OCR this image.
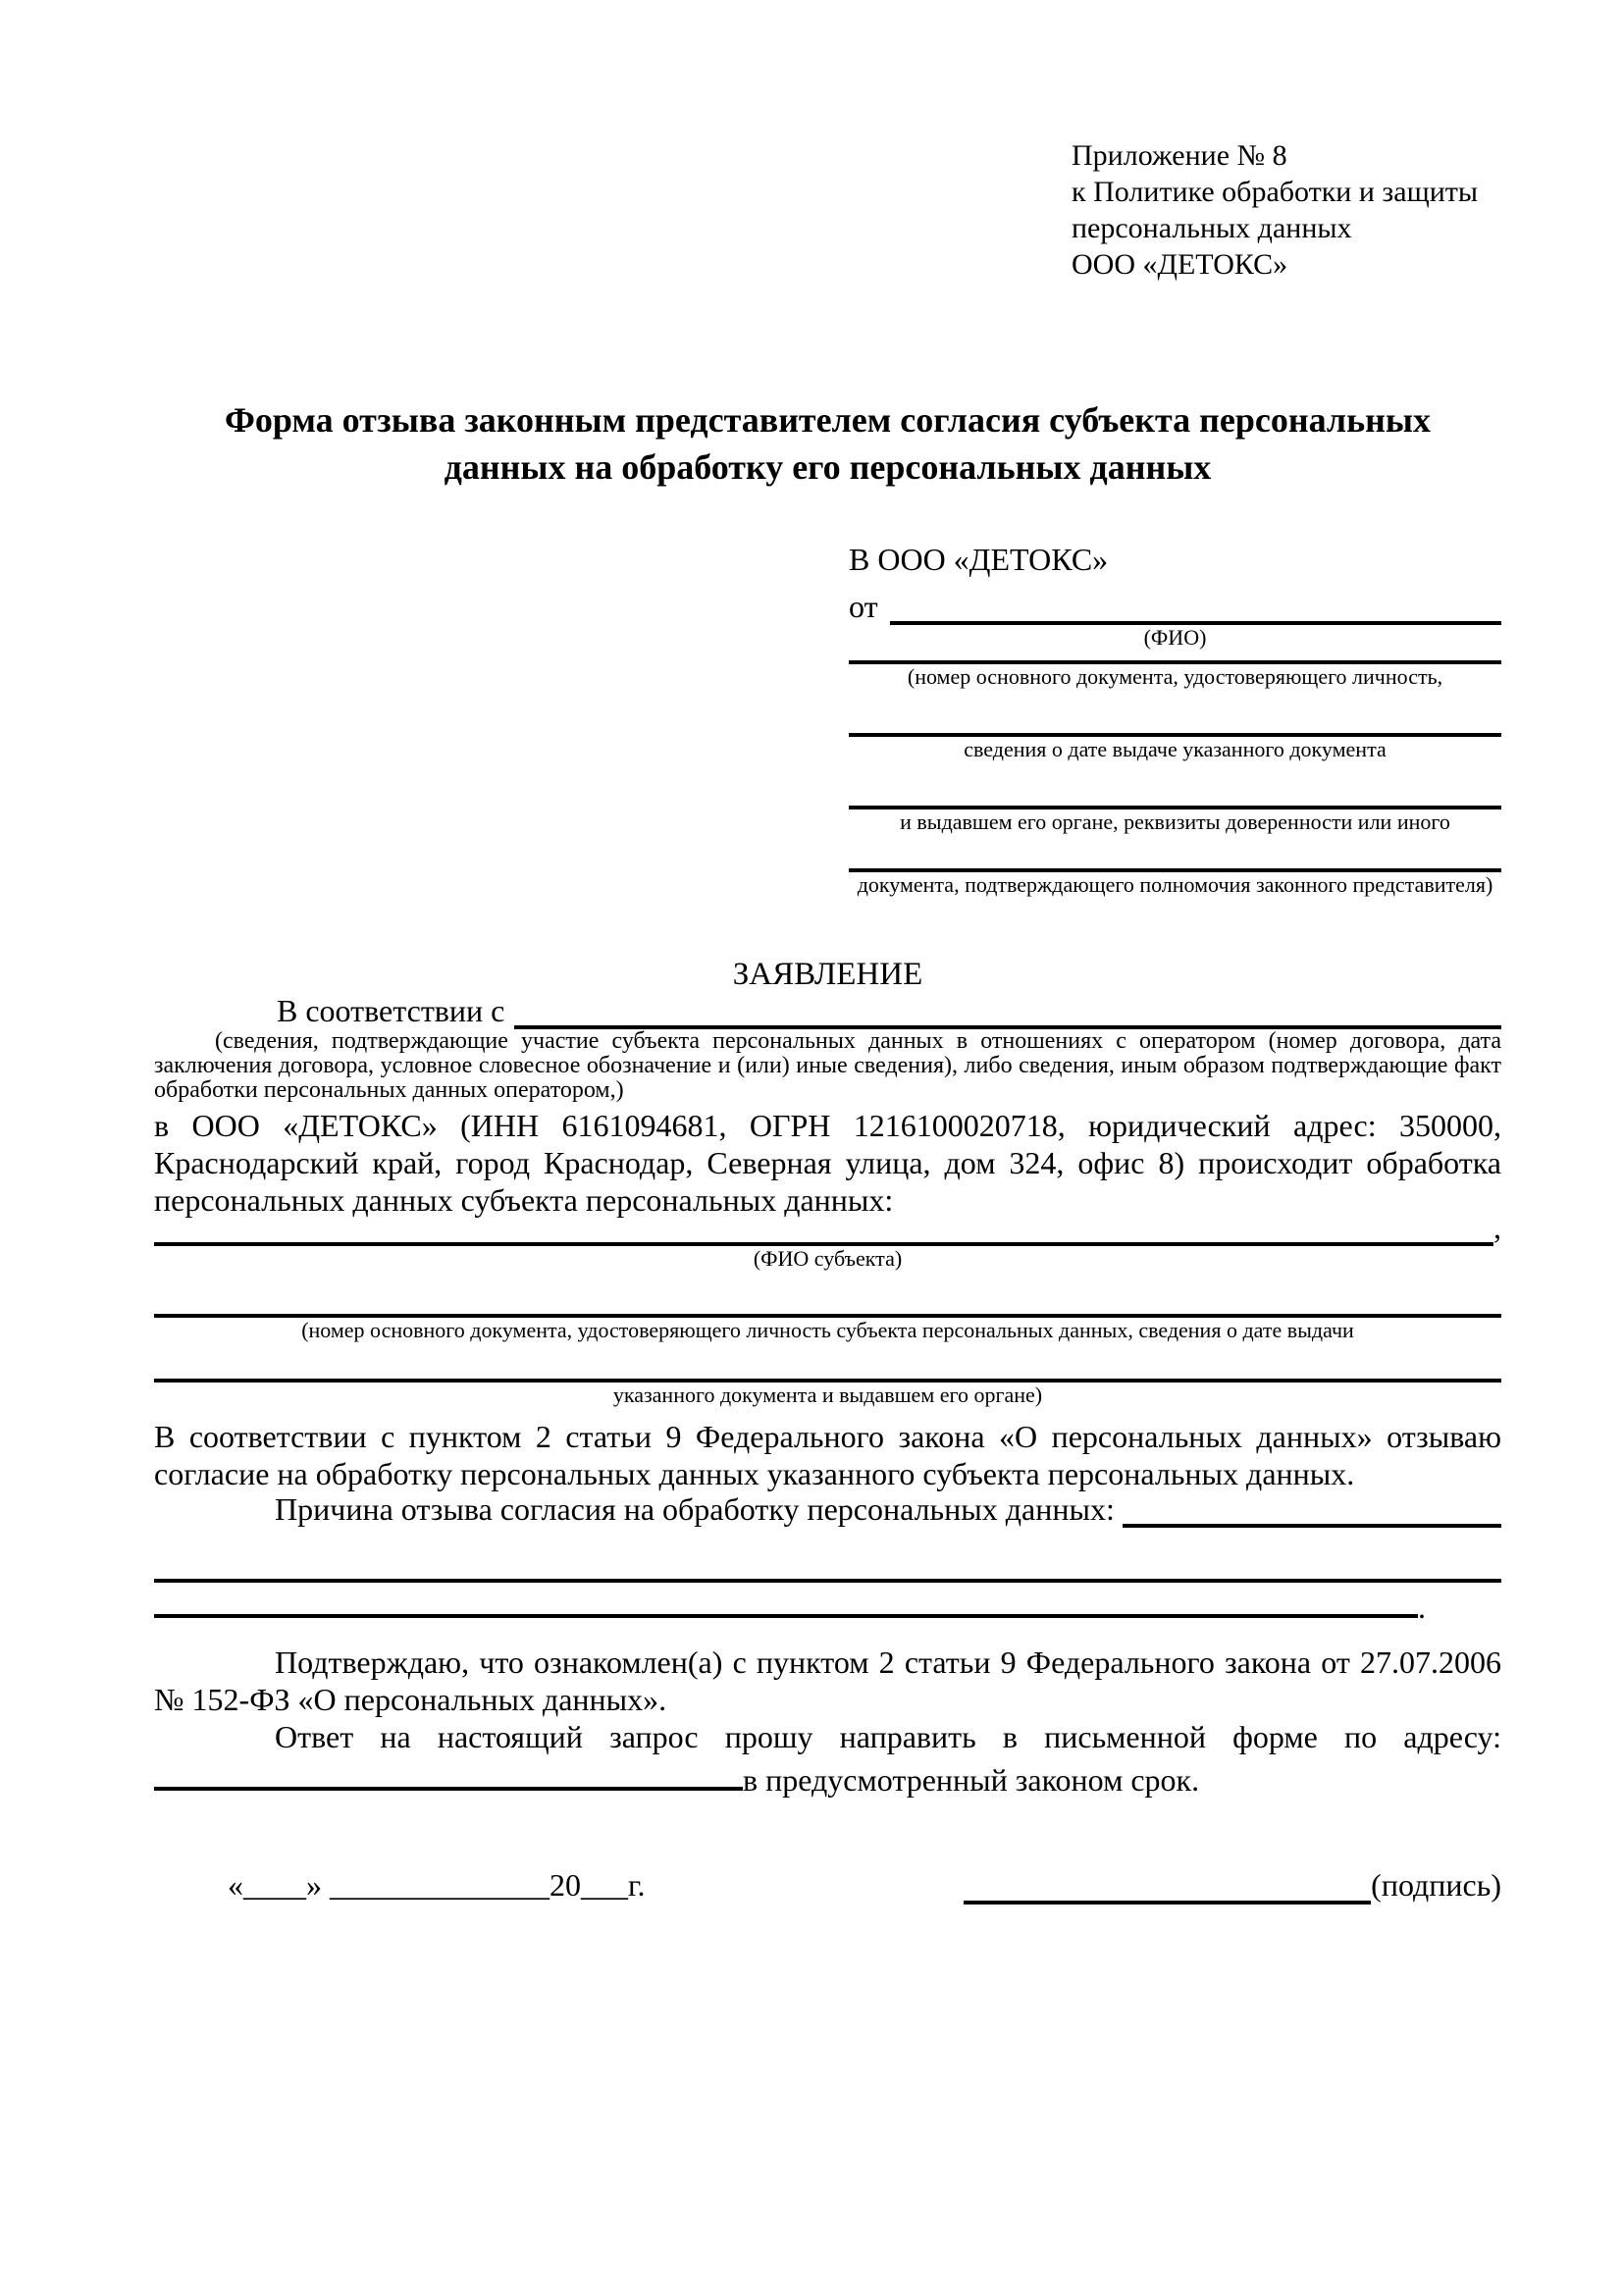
Приложение № 8
к Политике обработки и защиты
персональных данных
ООО «ДЕТОКС»
Форма отзыва законным представителем согласия субъекта персональных данных на обработку его персональных данных
В ООО «ДЕТОКС»
от
(ФИО)
(номер основного документа, удостоверяющего личность,
сведения о дате выдаче указанного документа
и выдавшем его органе, реквизиты доверенности или иного
документа, подтверждающего полномочия законного представителя)
ЗАЯВЛЕНИЕ
В соответствии с
(сведения, подтверждающие участие субъекта персональных данных в отношениях с оператором (номер договора, дата заключения договора, условное словесное обозначение и (или) иные сведения), либо сведения, иным образом подтверждающие факт обработки персональных данных оператором,)

в ООО «ДЕТОКС» (ИНН 6161094681, ОГРН 1216100020718, юридический адрес: 350000, Краснодарский край, город Краснодар, Северная улица, дом 324, офис 8) происходит обработка персональных данных субъекта персональных данных:

,
(ФИО субъекта)
(номер основного документа, удостоверяющего личность субъекта персональных данных, сведения о дате выдачи
указанного документа и выдавшем его органе)

В соответствии с пунктом 2 статьи 9 Федерального закона «О персональных данных» отзываю согласие на обработку персональных данных указанного субъекта персональных данных.

Причина отзыва согласия на обработку персональных данных:
.

Подтверждаю, что ознакомлен(а) с пунктом 2 статьи 9 Федерального закона от 27.07.2006 № 152-ФЗ «О персональных данных».

Ответ на настоящий запрос прошу направить в письменной форме по адресу:
в предусмотренный законом срок.
«____» ______________20___г.	(подпись)
